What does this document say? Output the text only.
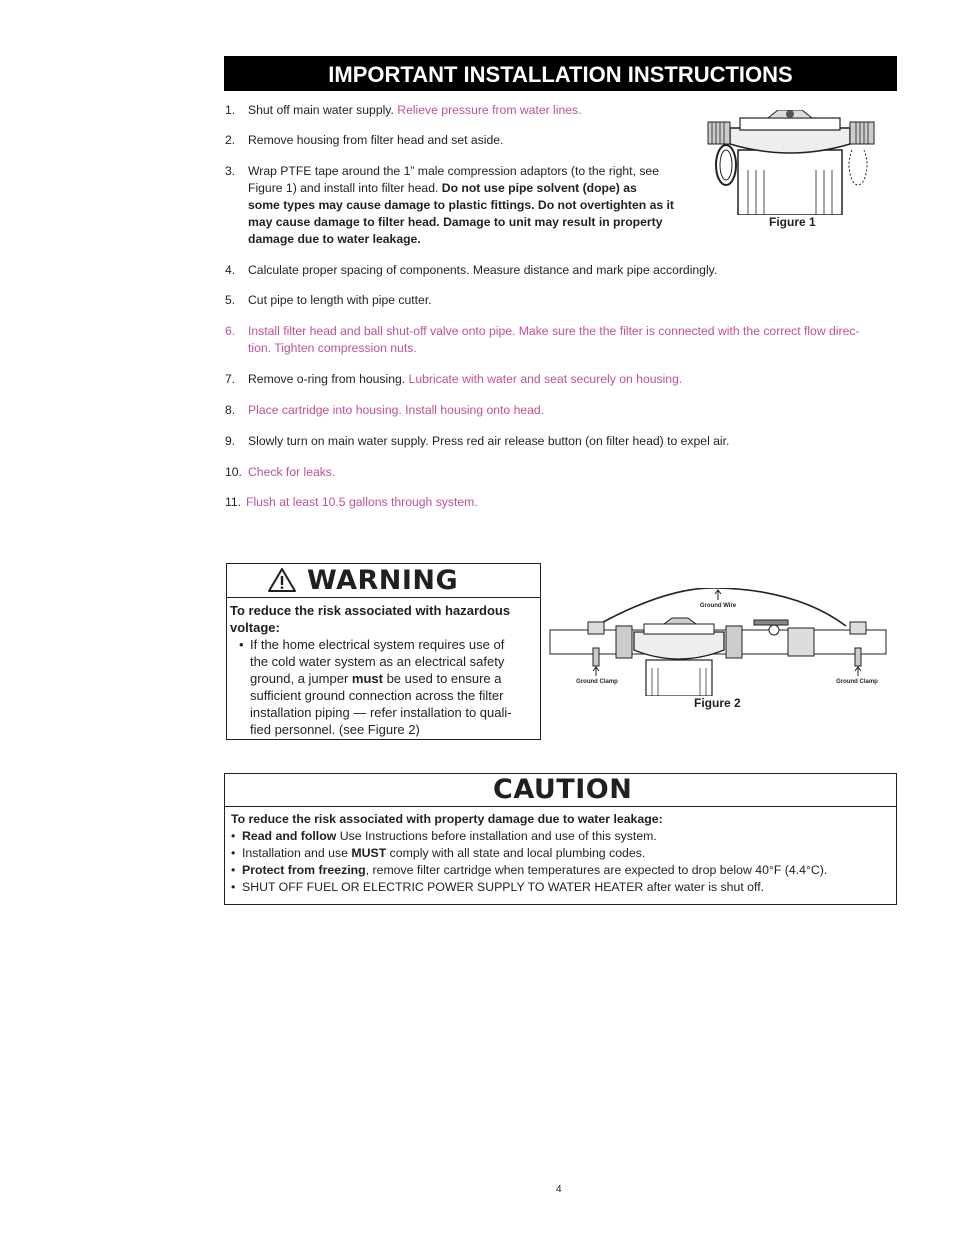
IMPORTANT INSTALLATION INSTRUCTIONS
1. Shut off main water supply. Relieve pressure from water lines.
2. Remove housing from filter head and set aside.
3. Wrap PTFE tape around the 1” male compression adaptors (to the right, see
Figure 1) and install into filter head. Do not use pipe solvent (dope) as
some types may cause damage to plastic fittings. Do not overtighten as it
may cause damage to filter head. Damage to unit may result in property
damage due to water leakage.
4. Calculate proper spacing of components. Measure distance and mark pipe accordingly.
5. Cut pipe to length with pipe cutter.
6. Install filter head and ball shut-off valve onto pipe. Make sure the the filter is connected with the correct flow direc-
tion. Tighten compression nuts.
7. Remove o-ring from housing. Lubricate with water and seat securely on housing.
8. Place cartridge into housing. Install housing onto head.
9. Slowly turn on main water supply. Press red air release button (on filter head) to expel air.
10. Check for leaks.
11. Flush at least 10.5 gallons through system.
Figure 1
WARNING
To reduce the risk associated with hazardous voltage:
• If the home electrical system requires use of
the cold water system as an electrical safety
ground, a jumper must be used to ensure a
sufficient ground connection across the filter
installation piping — refer installation to quali-
fied personnel. (see Figure 2)
Ground Wire
Ground Clamp	Ground Clamp
Figure 2
CAUTION
To reduce the risk associated with property damage due to water leakage:
• Read and follow Use Instructions before installation and use of this system.
• Installation and use MUST comply with all state and local plumbing codes.
• Protect from freezing, remove filter cartridge when temperatures are expected to drop below 40°F (4.4°C).
• SHUT OFF FUEL OR ELECTRIC POWER SUPPLY TO WATER HEATER after water is shut off.
4
